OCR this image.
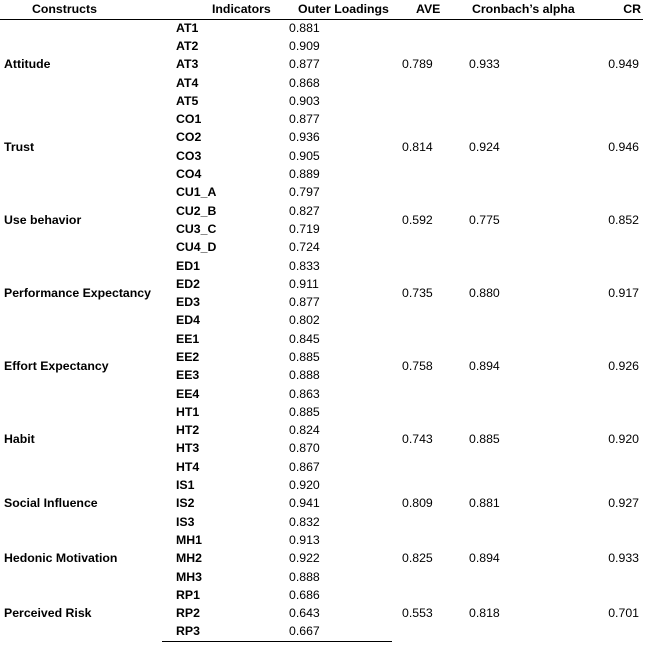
Constructs	Indicators	Outer Loadings	AVE	Cronbach’s alpha	CR
Attitude	AT1	0.881	0.789	0.933	0.949
	AT2	0.909			
	AT3	0.877			
	AT4	0.868			
	AT5	0.903			
Trust	CO1	0.877	0.814	0.924	0.946
	CO2	0.936			
	CO3	0.905			
	CO4	0.889			
Use behavior	CU1_A	0.797	0.592	0.775	0.852
	CU2_B	0.827			
	CU3_C	0.719			
	CU4_D	0.724			
Performance Expectancy	ED1	0.833	0.735	0.880	0.917
	ED2	0.911			
	ED3	0.877			
	ED4	0.802			
Effort Expectancy	EE1	0.845	0.758	0.894	0.926
	EE2	0.885			
	EE3	0.888			
	EE4	0.863			
Habit	HT1	0.885	0.743	0.885	0.920
	HT2	0.824			
	HT3	0.870			
	HT4	0.867			
Social Influence	IS1	0.920	0.809	0.881	0.927
	IS2	0.941			
	IS3	0.832			
Hedonic Motivation	MH1	0.913	0.825	0.894	0.933
	MH2	0.922			
	MH3	0.888			
Perceived Risk	RP1	0.686	0.553	0.818	0.701
	RP2	0.643			
	RP3	0.667			
